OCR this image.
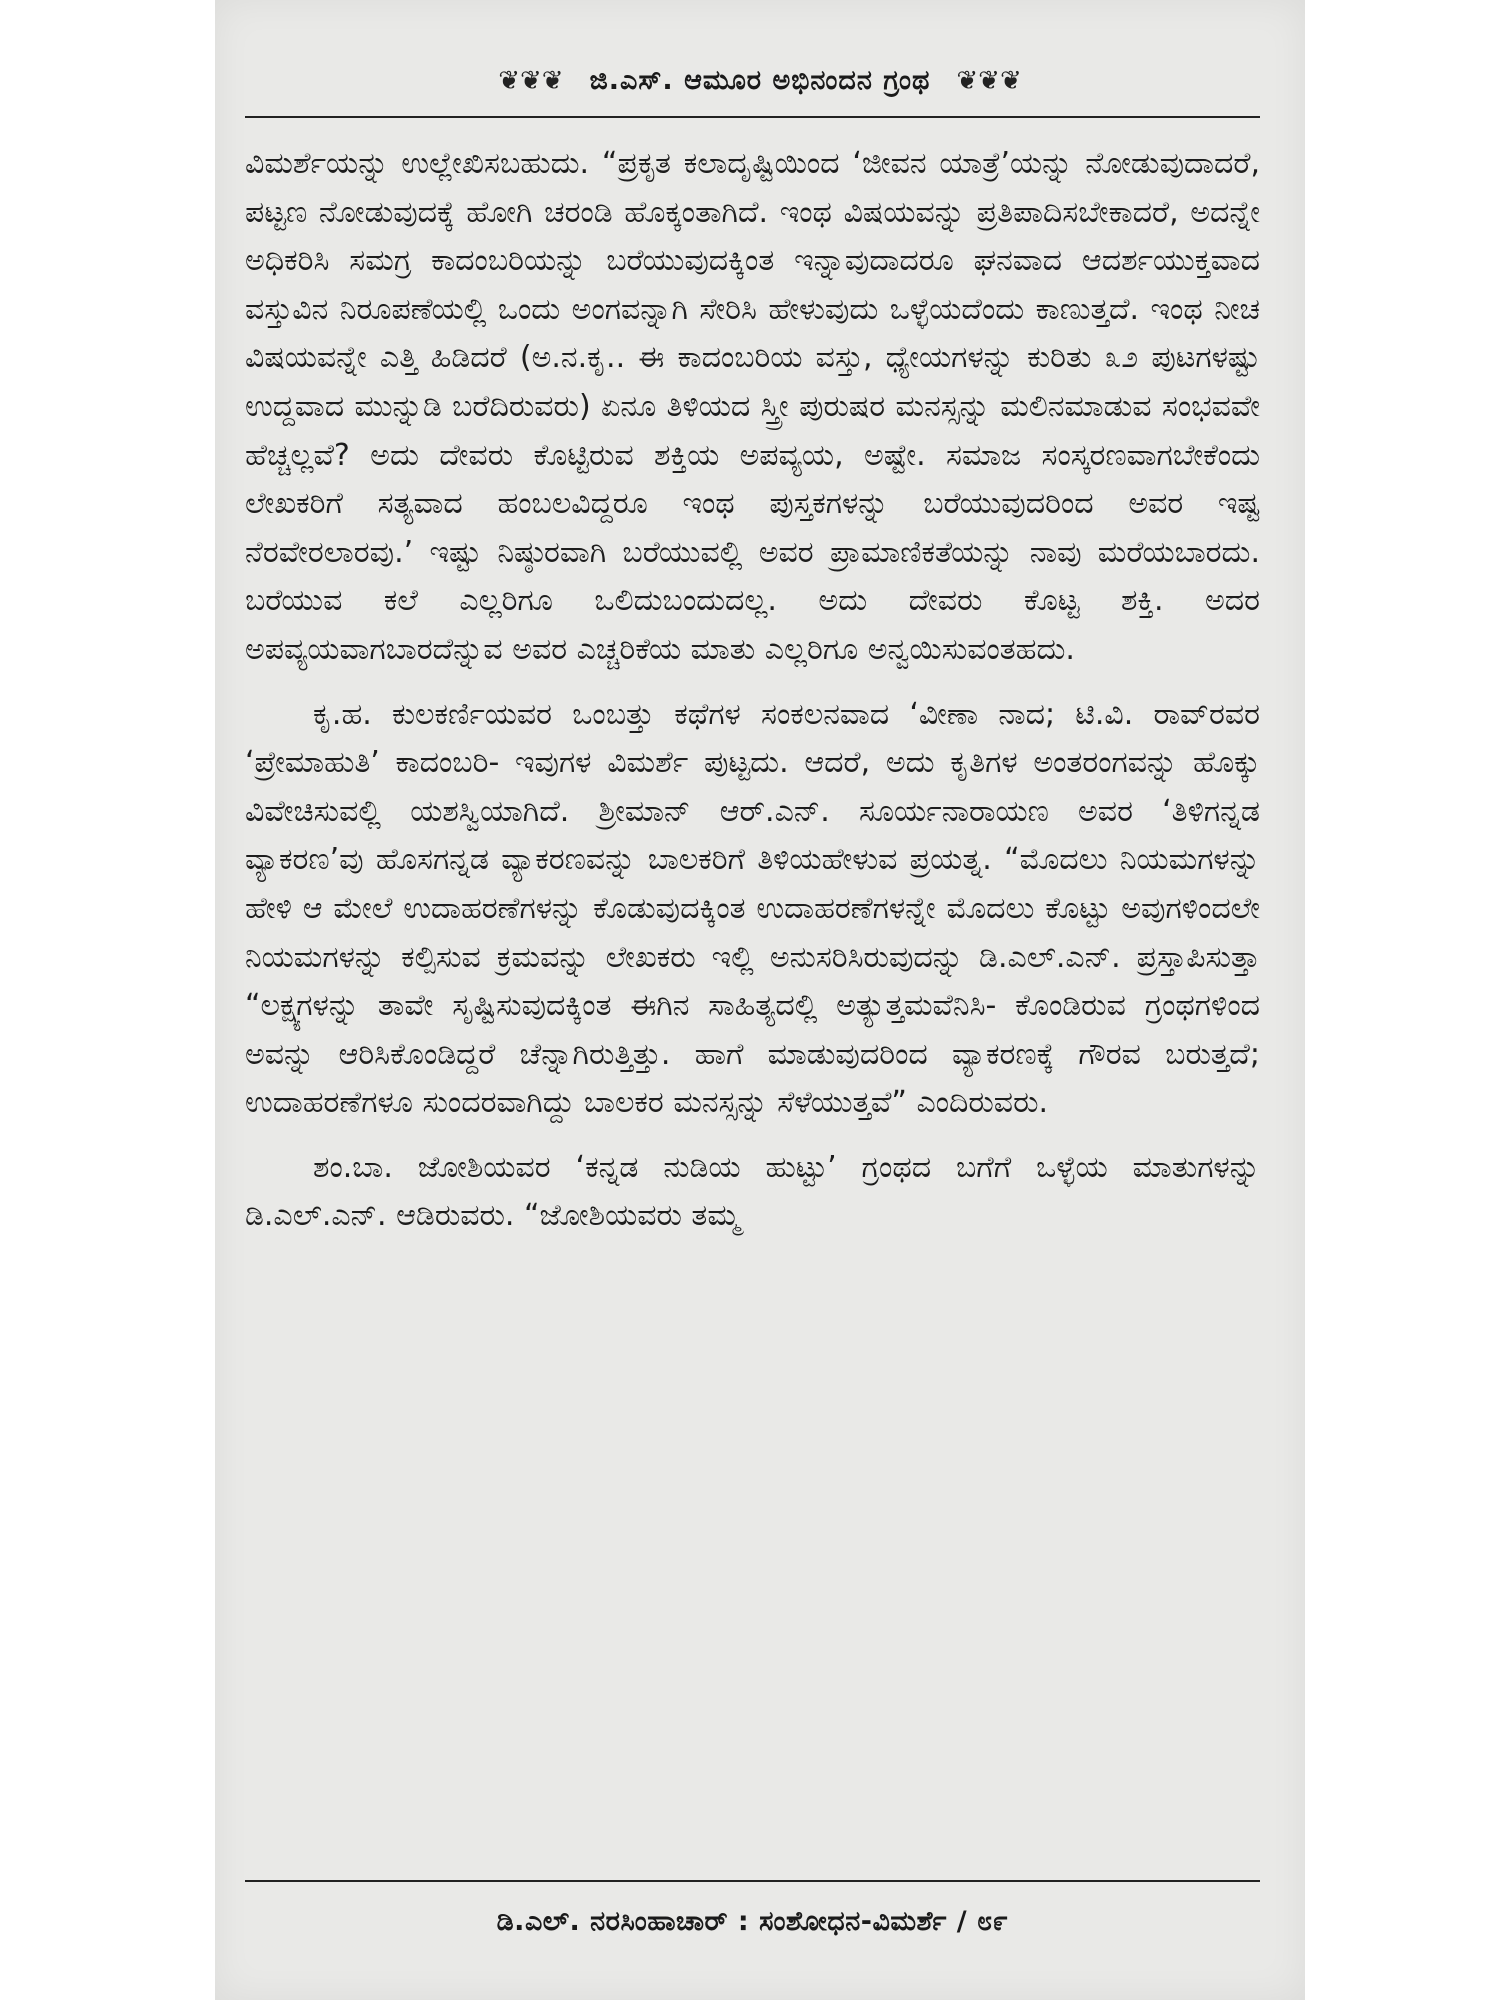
❦❦❦ ಜಿ.ಎಸ್. ಆಮೂರ ಅಭಿನಂದನ ಗ್ರಂಥ ❦❦❦

ವಿಮರ್ಶೆಯನ್ನು ಉಲ್ಲೇಖಿಸಬಹುದು. “ಪ್ರಕೃತ ಕಲಾದೃಷ್ಟಿಯಿಂದ ‘ಜೀವನ ಯಾತ್ರೆ’ಯನ್ನು ನೋಡುವುದಾದರೆ, ಪಟ್ಟಣ ನೋಡುವುದಕ್ಕೆ ಹೋಗಿ ಚರಂಡಿ ಹೊಕ್ಕಂತಾಗಿದೆ. ಇಂಥ ವಿಷಯವನ್ನು ಪ್ರತಿಪಾದಿಸಬೇಕಾದರೆ, ಅದನ್ನೇ ಅಧಿಕರಿಸಿ ಸಮಗ್ರ ಕಾದಂಬರಿಯನ್ನು ಬರೆಯುವುದಕ್ಕಿಂತ ಇನ್ನಾವುದಾದರೂ ಘನವಾದ ಆದರ್ಶಯುಕ್ತವಾದ ವಸ್ತುವಿನ ನಿರೂಪಣೆಯಲ್ಲಿ ಒಂದು ಅಂಗವನ್ನಾಗಿ ಸೇರಿಸಿ ಹೇಳುವುದು ಒಳ್ಳೆಯದೆಂದು ಕಾಣುತ್ತದೆ. ಇಂಥ ನೀಚ ವಿಷಯವನ್ನೇ ಎತ್ತಿ ಹಿಡಿದರೆ (ಅ.ನ.ಕೃ.. ಈ ಕಾದಂಬರಿಯ ವಸ್ತು, ಧ್ಯೇಯಗಳನ್ನು ಕುರಿತು ೩೨ ಪುಟಗಳಷ್ಟು ಉದ್ದವಾದ ಮುನ್ನುಡಿ ಬರೆದಿರುವರು) ಏನೂ ತಿಳಿಯದ ಸ್ತ್ರೀ ಪುರುಷರ ಮನಸ್ಸನ್ನು ಮಲಿನಮಾಡುವ ಸಂಭವವೇ ಹೆಚ್ಚಲ್ಲವೆ? ಅದು ದೇವರು ಕೊಟ್ಟಿರುವ ಶಕ್ತಿಯ ಅಪವ್ಯಯ, ಅಷ್ಟೇ. ಸಮಾಜ ಸಂಸ್ಕರಣವಾಗಬೇಕೆಂದು ಲೇಖಕರಿಗೆ ಸತ್ಯವಾದ ಹಂಬಲವಿದ್ದರೂ ಇಂಥ ಪುಸ್ತಕಗಳನ್ನು ಬರೆಯುವುದರಿಂದ ಅವರ ಇಷ್ಟ ನೆರವೇರಲಾರವು.’ ಇಷ್ಟು ನಿಷ್ಠುರವಾಗಿ ಬರೆಯುವಲ್ಲಿ ಅವರ ಪ್ರಾಮಾಣಿಕತೆಯನ್ನು ನಾವು ಮರೆಯಬಾರದು. ಬರೆಯುವ ಕಲೆ ಎಲ್ಲರಿಗೂ ಒಲಿದುಬಂದುದಲ್ಲ. ಅದು ದೇವರು ಕೊಟ್ಟ ಶಕ್ತಿ. ಅದರ ಅಪವ್ಯಯವಾಗಬಾರದೆನ್ನುವ ಅವರ ಎಚ್ಚರಿಕೆಯ ಮಾತು ಎಲ್ಲರಿಗೂ ಅನ್ವಯಿಸುವಂತಹದು.

ಕೃ.ಹ. ಕುಲಕರ್ಣಿಯವರ ಒಂಬತ್ತು ಕಥೆಗಳ ಸಂಕಲನವಾದ ‘ವೀಣಾ ನಾದ; ಟಿ.ವಿ. ರಾವ್‌ರವರ ‘ಪ್ರೇಮಾಹುತಿ’ ಕಾದಂಬರಿ- ಇವುಗಳ ವಿಮರ್ಶೆ ಪುಟ್ಟದು. ಆದರೆ, ಅದು ಕೃತಿಗಳ ಅಂತರಂಗವನ್ನು ಹೊಕ್ಕು ವಿವೇಚಿಸುವಲ್ಲಿ ಯಶಸ್ವಿಯಾಗಿದೆ. ಶ್ರೀಮಾನ್ ಆರ್.ಎನ್. ಸೂರ್ಯನಾರಾಯಣ ಅವರ ‘ತಿಳಿಗನ್ನಡ ವ್ಯಾಕರಣ’ವು ಹೊಸಗನ್ನಡ ವ್ಯಾಕರಣವನ್ನು ಬಾಲಕರಿಗೆ ತಿಳಿಯಹೇಳುವ ಪ್ರಯತ್ನ. “ಮೊದಲು ನಿಯಮಗಳನ್ನು ಹೇಳಿ ಆ ಮೇಲೆ ಉದಾಹರಣೆಗಳನ್ನು ಕೊಡುವುದಕ್ಕಿಂತ ಉದಾಹರಣೆಗಳನ್ನೇ ಮೊದಲು ಕೊಟ್ಟು ಅವುಗಳಿಂದಲೇ ನಿಯಮಗಳನ್ನು ಕಲ್ಪಿಸುವ ಕ್ರಮವನ್ನು ಲೇಖಕರು ಇಲ್ಲಿ ಅನುಸರಿಸಿರುವುದನ್ನು ಡಿ.ಎಲ್.ಎನ್. ಪ್ರಸ್ತಾಪಿಸುತ್ತಾ “ಲಕ್ಷ್ಯಗಳನ್ನು ತಾವೇ ಸೃಷ್ಟಿಸುವುದಕ್ಕಿಂತ ಈಗಿನ ಸಾಹಿತ್ಯದಲ್ಲಿ ಅತ್ಯುತ್ತಮವೆನಿಸಿ- ಕೊಂಡಿರುವ ಗ್ರಂಥಗಳಿಂದ ಅವನ್ನು ಆರಿಸಿಕೊಂಡಿದ್ದರೆ ಚೆನ್ನಾಗಿರುತ್ತಿತ್ತು. ಹಾಗೆ ಮಾಡುವುದರಿಂದ ವ್ಯಾಕರಣಕ್ಕೆ ಗೌರವ ಬರುತ್ತದೆ; ಉದಾಹರಣೆಗಳೂ ಸುಂದರವಾಗಿದ್ದು ಬಾಲಕರ ಮನಸ್ಸನ್ನು ಸೆಳೆಯುತ್ತವೆ” ಎಂದಿರುವರು.

ಶಂ.ಬಾ. ಜೋಶಿಯವರ ‘ಕನ್ನಡ ನುಡಿಯ ಹುಟ್ಟು’ ಗ್ರಂಥದ ಬಗೆಗೆ ಒಳ್ಳೆಯ ಮಾತುಗಳನ್ನು ಡಿ.ಎಲ್.ಎನ್. ಆಡಿರುವರು. “ಜೋಶಿಯವರು ತಮ್ಮ

ಡಿ.ಎಲ್. ನರಸಿಂಹಾಚಾರ್ : ಸಂಶೋಧನ-ವಿಮರ್ಶೆ / ೮೯
